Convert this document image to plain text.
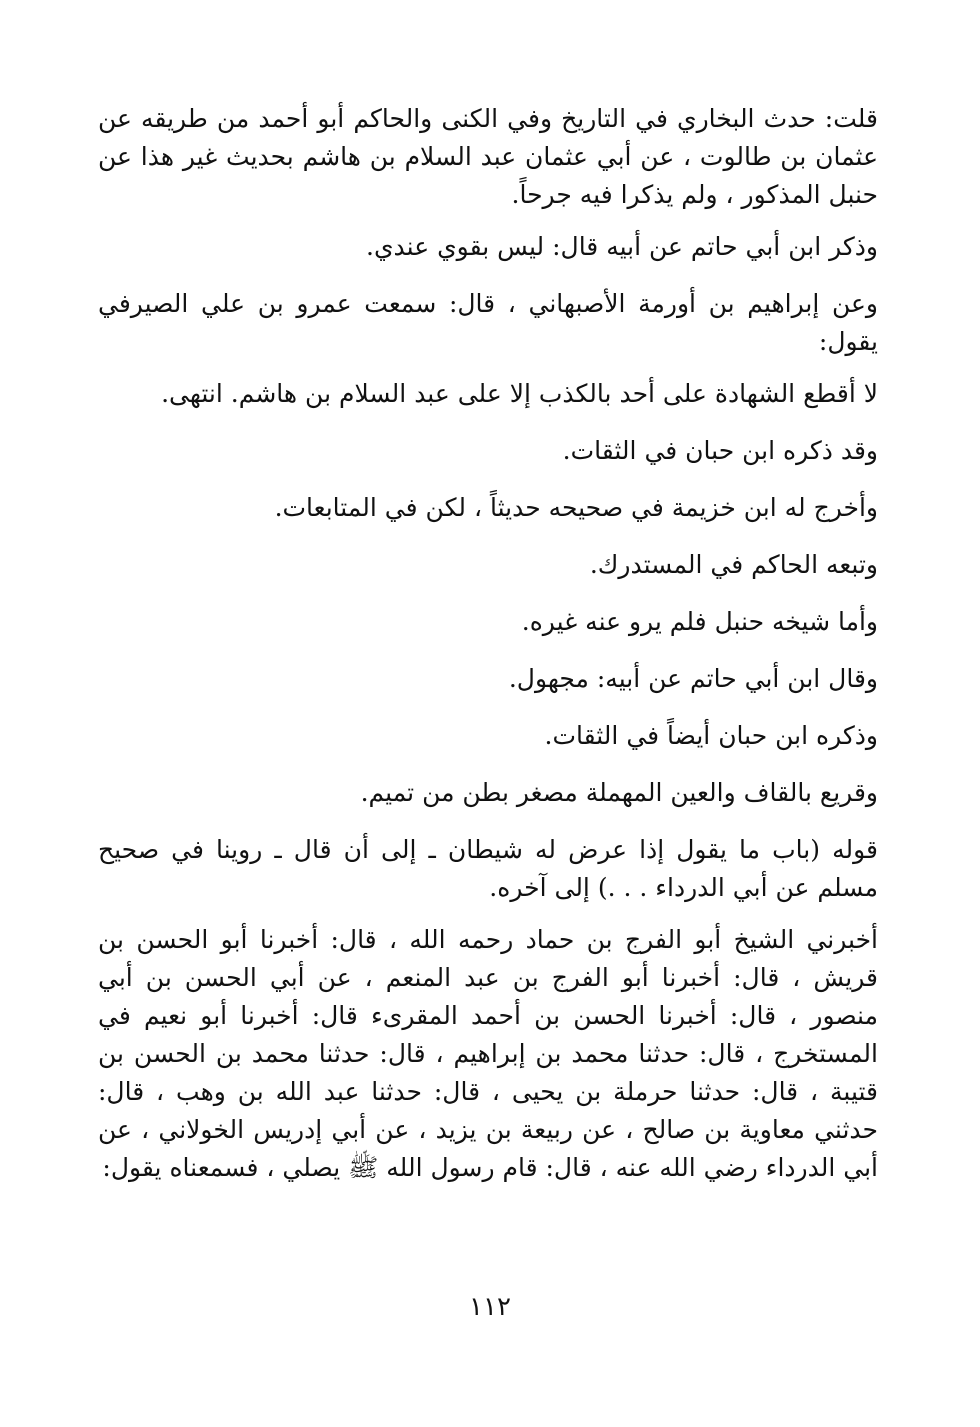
قلت: حدث البخاري في التاريخ وفي الكنى والحاكم أبو أحمد من طريقه عن عثمان بن طالوت ، عن أبي عثمان عبد السلام بن هاشم بحديث غير هذا عن حنبل المذكور ، ولم يذكرا فيه جرحاً.

وذكر ابن أبي حاتم عن أبيه قال: ليس بقوي عندي.

وعن إبراهيم بن أورمة الأصبهاني ، قال: سمعت عمرو بن علي الصيرفي يقول:

لا أقطع الشهادة على أحد بالكذب إلا على عبد السلام بن هاشم. انتهى.

وقد ذكره ابن حبان في الثقات.

وأخرج له ابن خزيمة في صحيحه حديثاً ، لكن في المتابعات.

وتبعه الحاكم في المستدرك.

وأما شيخه حنبل فلم يرو عنه غيره.

وقال ابن أبي حاتم عن أبيه: مجهول.

وذكره ابن حبان أيضاً في الثقات.

وقريع بالقاف والعين المهملة مصغر بطن من تميم.

قوله (باب ما يقول إذا عرض له شيطان ـ إلى أن قال ـ روينا في صحيح مسلم عن أبي الدرداء . . .) إلى آخره.

أخبرني الشيخ أبو الفرج بن حماد رحمه الله ، قال: أخبرنا أبو الحسن بن قريش ، قال: أخبرنا أبو الفرج بن عبد المنعم ، عن أبي الحسن بن أبي منصور ، قال: أخبرنا الحسن بن أحمد المقرىء قال: أخبرنا أبو نعيم في المستخرج ، قال: حدثنا محمد بن إبراهيم ، قال: حدثنا محمد بن الحسن بن قتيبة ، قال: حدثنا حرملة بن يحيى ، قال: حدثنا عبد الله بن وهب ، قال: حدثني معاوية بن صالح ، عن ربيعة بن يزيد ، عن أبي إدريس الخولاني ، عن أبي الدرداء رضي الله عنه ، قال: قام رسول الله ﷺ يصلي ، فسمعناه يقول:

١١٢
